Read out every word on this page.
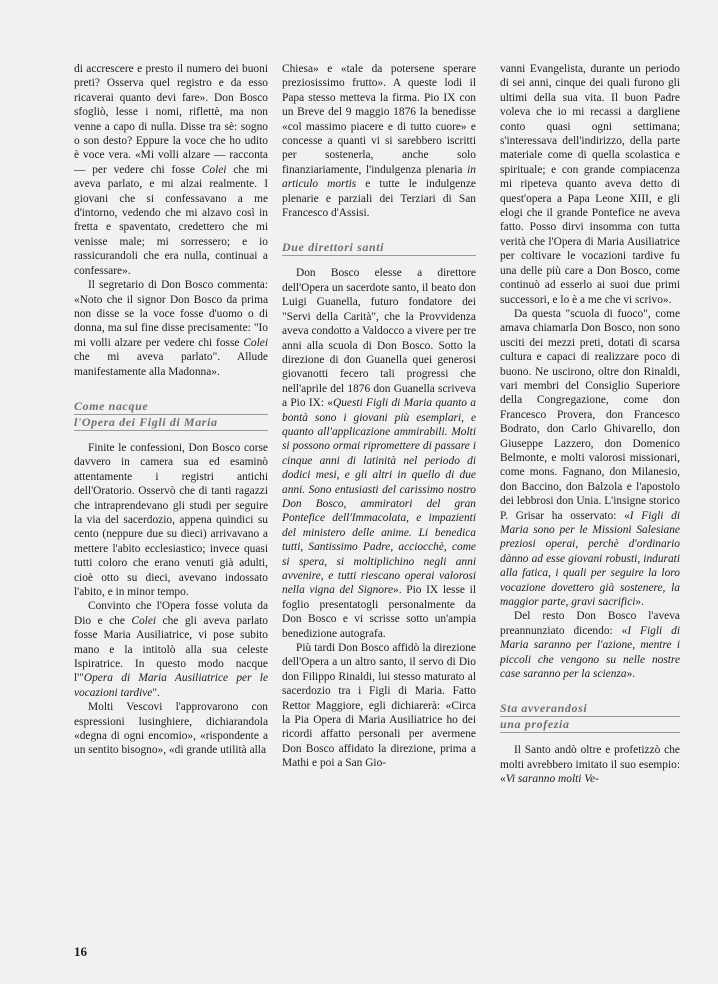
di accrescere e presto il numero dei buoni preti? Osserva quel registro e da esso ricaverai quanto devi fare». Don Bosco sfogliò, lesse i nomi, riflettè, ma non venne a capo di nulla. Disse tra sè: sogno o son desto? Eppure la voce che ho udito è voce vera. «Mi volli alzare — racconta — per vedere chi fosse Colei che mi aveva parlato, e mi alzai realmente. I giovani che si confessavano a me d'intorno, vedendo che mi alzavo così in fretta e spaventato, credettero che mi venisse male; mi sorressero; e io rassicurandoli che era nulla, continuai a confessare».

Il segretario di Don Bosco commenta: «Noto che il signor Don Bosco da prima non disse se la voce fosse d'uomo o di donna, ma sul fine disse precisamente: "Io mi volli alzare per vedere chi fosse Colei che mi aveva parlato". Allude manifestamente alla Madonna».

Come nacque
l'Opera dei Figli di Maria

Finite le confessioni, Don Bosco corse davvero in camera sua ed esaminò attentamente i registri antichi dell'Oratorio. Osservò che di tanti ragazzi che intraprendevano gli studi per seguire la via del sacerdozio, appena quindici su cento (neppure due su dieci) arrivavano a mettere l'abito ecclesiastico; invece quasi tutti coloro che erano venuti già adulti, cioè otto su dieci, avevano indossato l'abito, e in minor tempo.

Convinto che l'Opera fosse voluta da Dio e che Colei che gli aveva parlato fosse Maria Ausiliatrice, vi pose subito mano e la intitolò alla sua celeste Ispiratrice. In questo modo nacque l'"Opera di Maria Ausiliatrice per le vocazioni tardive".

Molti Vescovi l'approvarono con espressioni lusinghiere, dichiarandola «degna di ogni encomio», «rispondente a un sentito bisogno», «di grande utilità alla

Chiesa» e «tale da potersene sperare preziosissimo frutto». A queste lodi il Papa stesso metteva la firma. Pio IX con un Breve del 9 maggio 1876 la benedisse «col massimo piacere e di tutto cuore» e concesse a quanti vi si sarebbero iscritti per sostenerla, anche solo finanziariamente, l'indulgenza plenaria in articulo mortis e tutte le indulgenze plenarie e parziali dei Terziari di San Francesco d'Assisi.

Due direttori santi

Don Bosco elesse a direttore dell'Opera un sacerdote santo, il beato don Luigi Guanella, futuro fondatore dei "Servi della Carità", che la Provvidenza aveva condotto a Valdocco a vivere per tre anni alla scuola di Don Bosco. Sotto la direzione di don Guanella quei generosi giovanotti fecero tali progressi che nell'aprile del 1876 don Guanella scriveva a Pio IX: «Questi Figli di Maria quanto a bontà sono i giovani più esemplari, e quanto all'applicazione ammirabili. Molti si possono ormai ripromettere di passare i cinque anni di latinità nel periodo di dodici mesi, e gli altri in quello di due anni. Sono entusiasti del carissimo nostro Don Bosco, ammiratori del gran Pontefice dell'Immacolata, e impazienti del ministero delle anime. Li benedica tutti, Santissimo Padre, acciocchè, come si spera, si moltiplichino negli anni avvenire, e tutti riescano operai valorosi nella vigna del Signore». Pio IX lesse il foglio presentatogli personalmente da Don Bosco e vi scrisse sotto un'ampia benedizione autografa.

Più tardi Don Bosco affidò la direzione dell'Opera a un altro santo, il servo di Dio don Filippo Rinaldi, lui stesso maturato al sacerdozio tra i Figli di Maria. Fatto Rettor Maggiore, egli dichiarerà: «Circa la Pia Opera di Maria Ausiliatrice ho dei ricordi affatto personali per avermene Don Bosco affidato la direzione, prima a Mathi e poi a San Gio-

vanni Evangelista, durante un periodo di sei anni, cinque dei quali furono gli ultimi della sua vita. Il buon Padre voleva che io mi recassi a dargliene conto quasi ogni settimana; s'interessava dell'indirizzo, della parte materiale come di quella scolastica e spirituale; e con grande compiacenza mi ripeteva quanto aveva detto di quest'opera a Papa Leone XIII, e gli elogi che il grande Pontefice ne aveva fatto. Posso dirvi insomma con tutta verità che l'Opera di Maria Ausiliatrice per coltivare le vocazioni tardive fu una delle più care a Don Bosco, come continuò ad esserlo ai suoi due primi successori, e lo è a me che vi scrivo».

Da questa "scuola di fuoco", come amava chiamarla Don Bosco, non sono usciti dei mezzi preti, dotati di scarsa cultura e capaci di realizzare poco di buono. Ne uscirono, oltre don Rinaldi, vari membri del Consiglio Superiore della Congregazione, come don Francesco Provera, don Francesco Bodrato, don Carlo Ghivarello, don Giuseppe Lazzero, don Domenico Belmonte, e molti valorosi missionari, come mons. Fagnano, don Milanesio, don Baccino, don Balzola e l'apostolo dei lebbrosi don Unia. L'insigne storico P. Grisar ha osservato: «I Figli di Maria sono per le Missioni Salesiane preziosi operai, perchè d'ordinario dànno ad esse giovani robusti, indurati alla fatica, i quali per seguire la loro vocazione dovettero già sostenere, la maggior parte, gravi sacrifici».

Del resto Don Bosco l'aveva preannunziato dicendo: «I Figli di Maria saranno per l'azione, mentre i piccoli che vengono su nelle nostre case saranno per la scienza».

Sta avverandosi
una profezia

Il Santo andò oltre e profetizzò che molti avrebbero imitato il suo esempio: «Vi saranno molti Ve-

16
